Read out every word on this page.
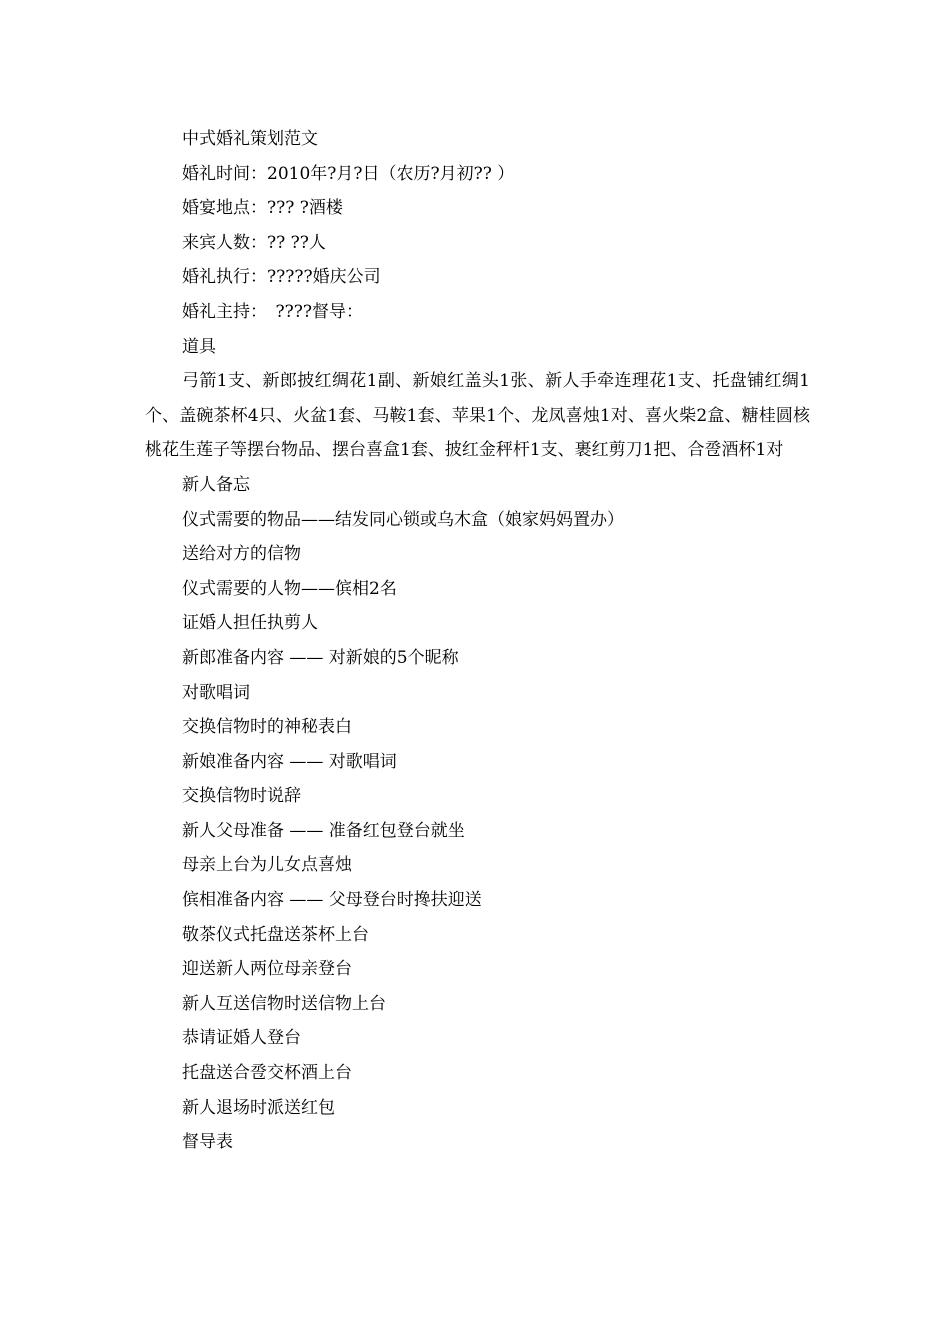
中式婚礼策划范文

婚礼时间：2010年?月?日（农历?月初?? ）

婚宴地点：??? ?酒楼

来宾人数：?? ??人

婚礼执行：?????婚庆公司

婚礼主持：　????督导：

道具

弓箭1支、新郎披红绸花1副、新娘红盖头1张、新人手牵连理花1支、托盘铺红绸1个、盖碗茶杯4只、火盆1套、马鞍1套、苹果1个、龙凤喜烛1对、喜火柴2盒、糖桂圆核桃花生莲子等摆台物品、摆台喜盒1套、披红金秤杆1支、裹红剪刀1把、合卺酒杯1对

新人备忘

仪式需要的物品——结发同心锁或乌木盒（娘家妈妈置办）

送给对方的信物

仪式需要的人物——傧相2名

证婚人担任执剪人

新郎准备内容 —— 对新娘的5个昵称

对歌唱词

交换信物时的神秘表白

新娘准备内容 —— 对歌唱词

交换信物时说辞

新人父母准备 —— 准备红包登台就坐

母亲上台为儿女点喜烛

傧相准备内容 —— 父母登台时搀扶迎送

敬茶仪式托盘送茶杯上台

迎送新人两位母亲登台

新人互送信物时送信物上台

恭请证婚人登台

托盘送合卺交杯酒上台

新人退场时派送红包

督导表
